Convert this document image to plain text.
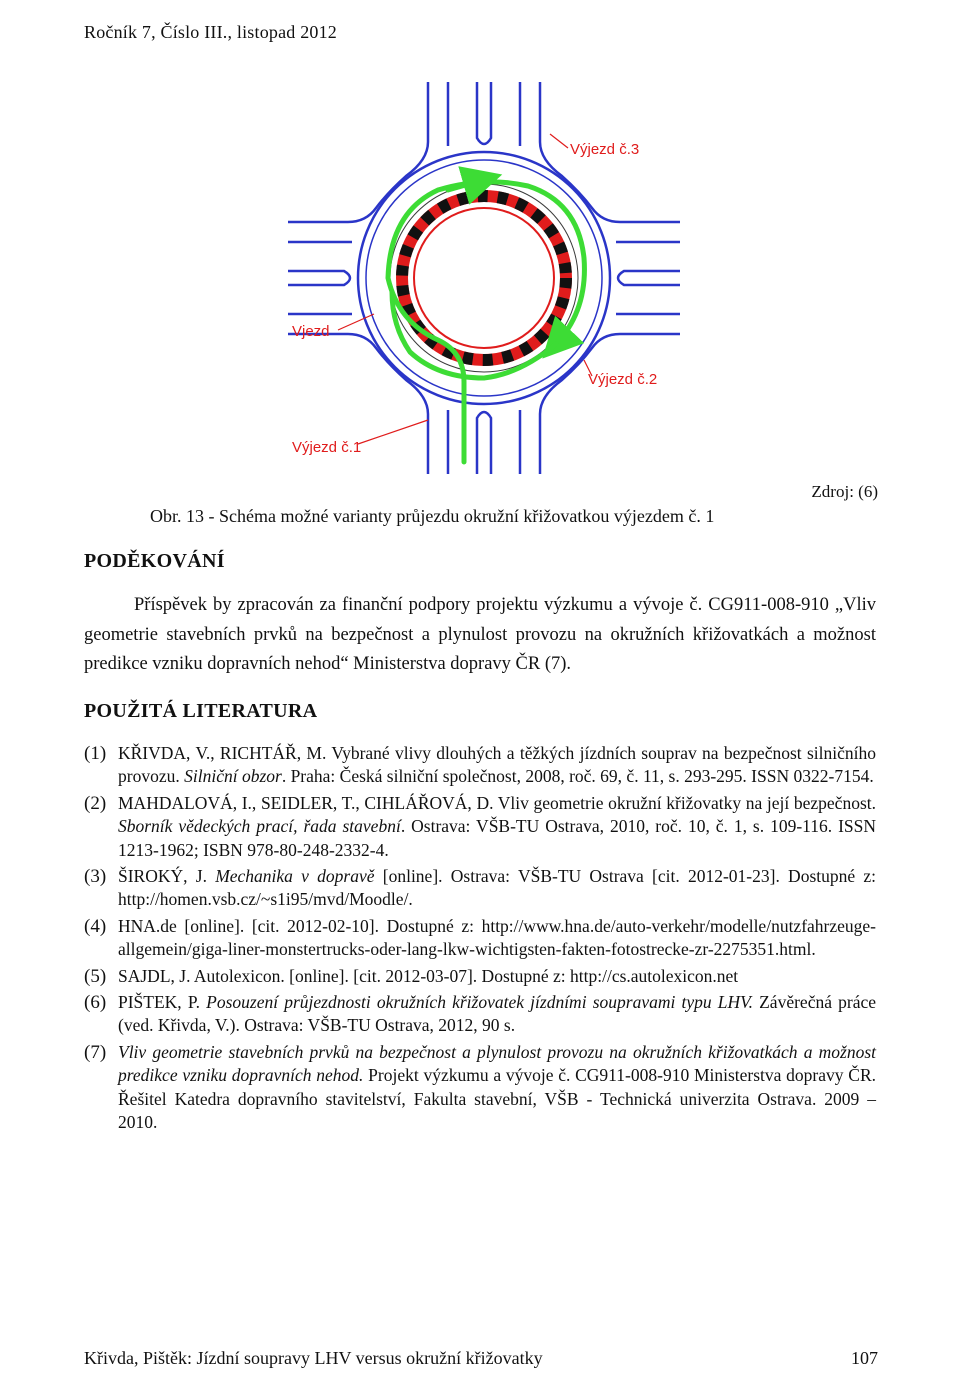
Ročník 7, Číslo III., listopad 2012
Výjezd č.3
Vjezd
Výjezd č.2
Výjezd č.1
Zdroj: (6)
Obr. 13 - Schéma možné varianty průjezdu okružní křižovatkou výjezdem č. 1
PODĚKOVÁNÍ
Příspěvek by zpracován za finanční podpory projektu výzkumu a vývoje č. CG911-008-910 „Vliv geometrie stavebních prvků na bezpečnost a plynulost provozu na okružních křižovatkách a možnost predikce vzniku dopravních nehod“ Ministerstva dopravy ČR (7).
POUŽITÁ LITERATURA
(1) KŘIVDA, V., RICHTÁŘ, M. Vybrané vlivy dlouhých a těžkých jízdních souprav na bezpečnost silničního provozu. Silniční obzor. Praha: Česká silniční společnost, 2008, roč. 69, č. 11, s. 293-295. ISSN 0322-7154.
(2) MAHDALOVÁ, I., SEIDLER, T., CIHLÁŘOVÁ, D. Vliv geometrie okružní křižovatky na její bezpečnost. Sborník vědeckých prací, řada stavební. Ostrava: VŠB-TU Ostrava, 2010, roč. 10, č. 1, s. 109-116. ISSN 1213-1962; ISBN 978-80-248-2332-4.
(3) ŠIROKÝ, J. Mechanika v dopravě [online]. Ostrava: VŠB-TU Ostrava [cit. 2012-01-23]. Dostupné z: http://homen.vsb.cz/~s1i95/mvd/Moodle/.
(4) HNA.de [online]. [cit. 2012-02-10]. Dostupné z: http://www.hna.de/auto-verkehr/modelle/nutzfahrzeuge-allgemein/giga-liner-monstertrucks-oder-lang-lkw-wichtigsten-fakten-fotostrecke-zr-2275351.html.
(5) SAJDL, J. Autolexicon. [online]. [cit. 2012-03-07]. Dostupné z: http://cs.autolexicon.net
(6) PIŠTEK, P. Posouzení průjezdnosti okružních křižovatek jízdními soupravami typu LHV. Závěrečná práce (ved. Křivda, V.). Ostrava: VŠB-TU Ostrava, 2012, 90 s.
(7) Vliv geometrie stavebních prvků na bezpečnost a plynulost provozu na okružních křižovatkách a možnost predikce vzniku dopravních nehod. Projekt výzkumu a vývoje č. CG911-008-910 Ministerstva dopravy ČR. Řešitel Katedra dopravního stavitelství, Fakulta stavební, VŠB - Technická univerzita Ostrava. 2009 – 2010.
Křivda, Pištěk: Jízdní soupravy LHV versus okružní křižovatky	107
